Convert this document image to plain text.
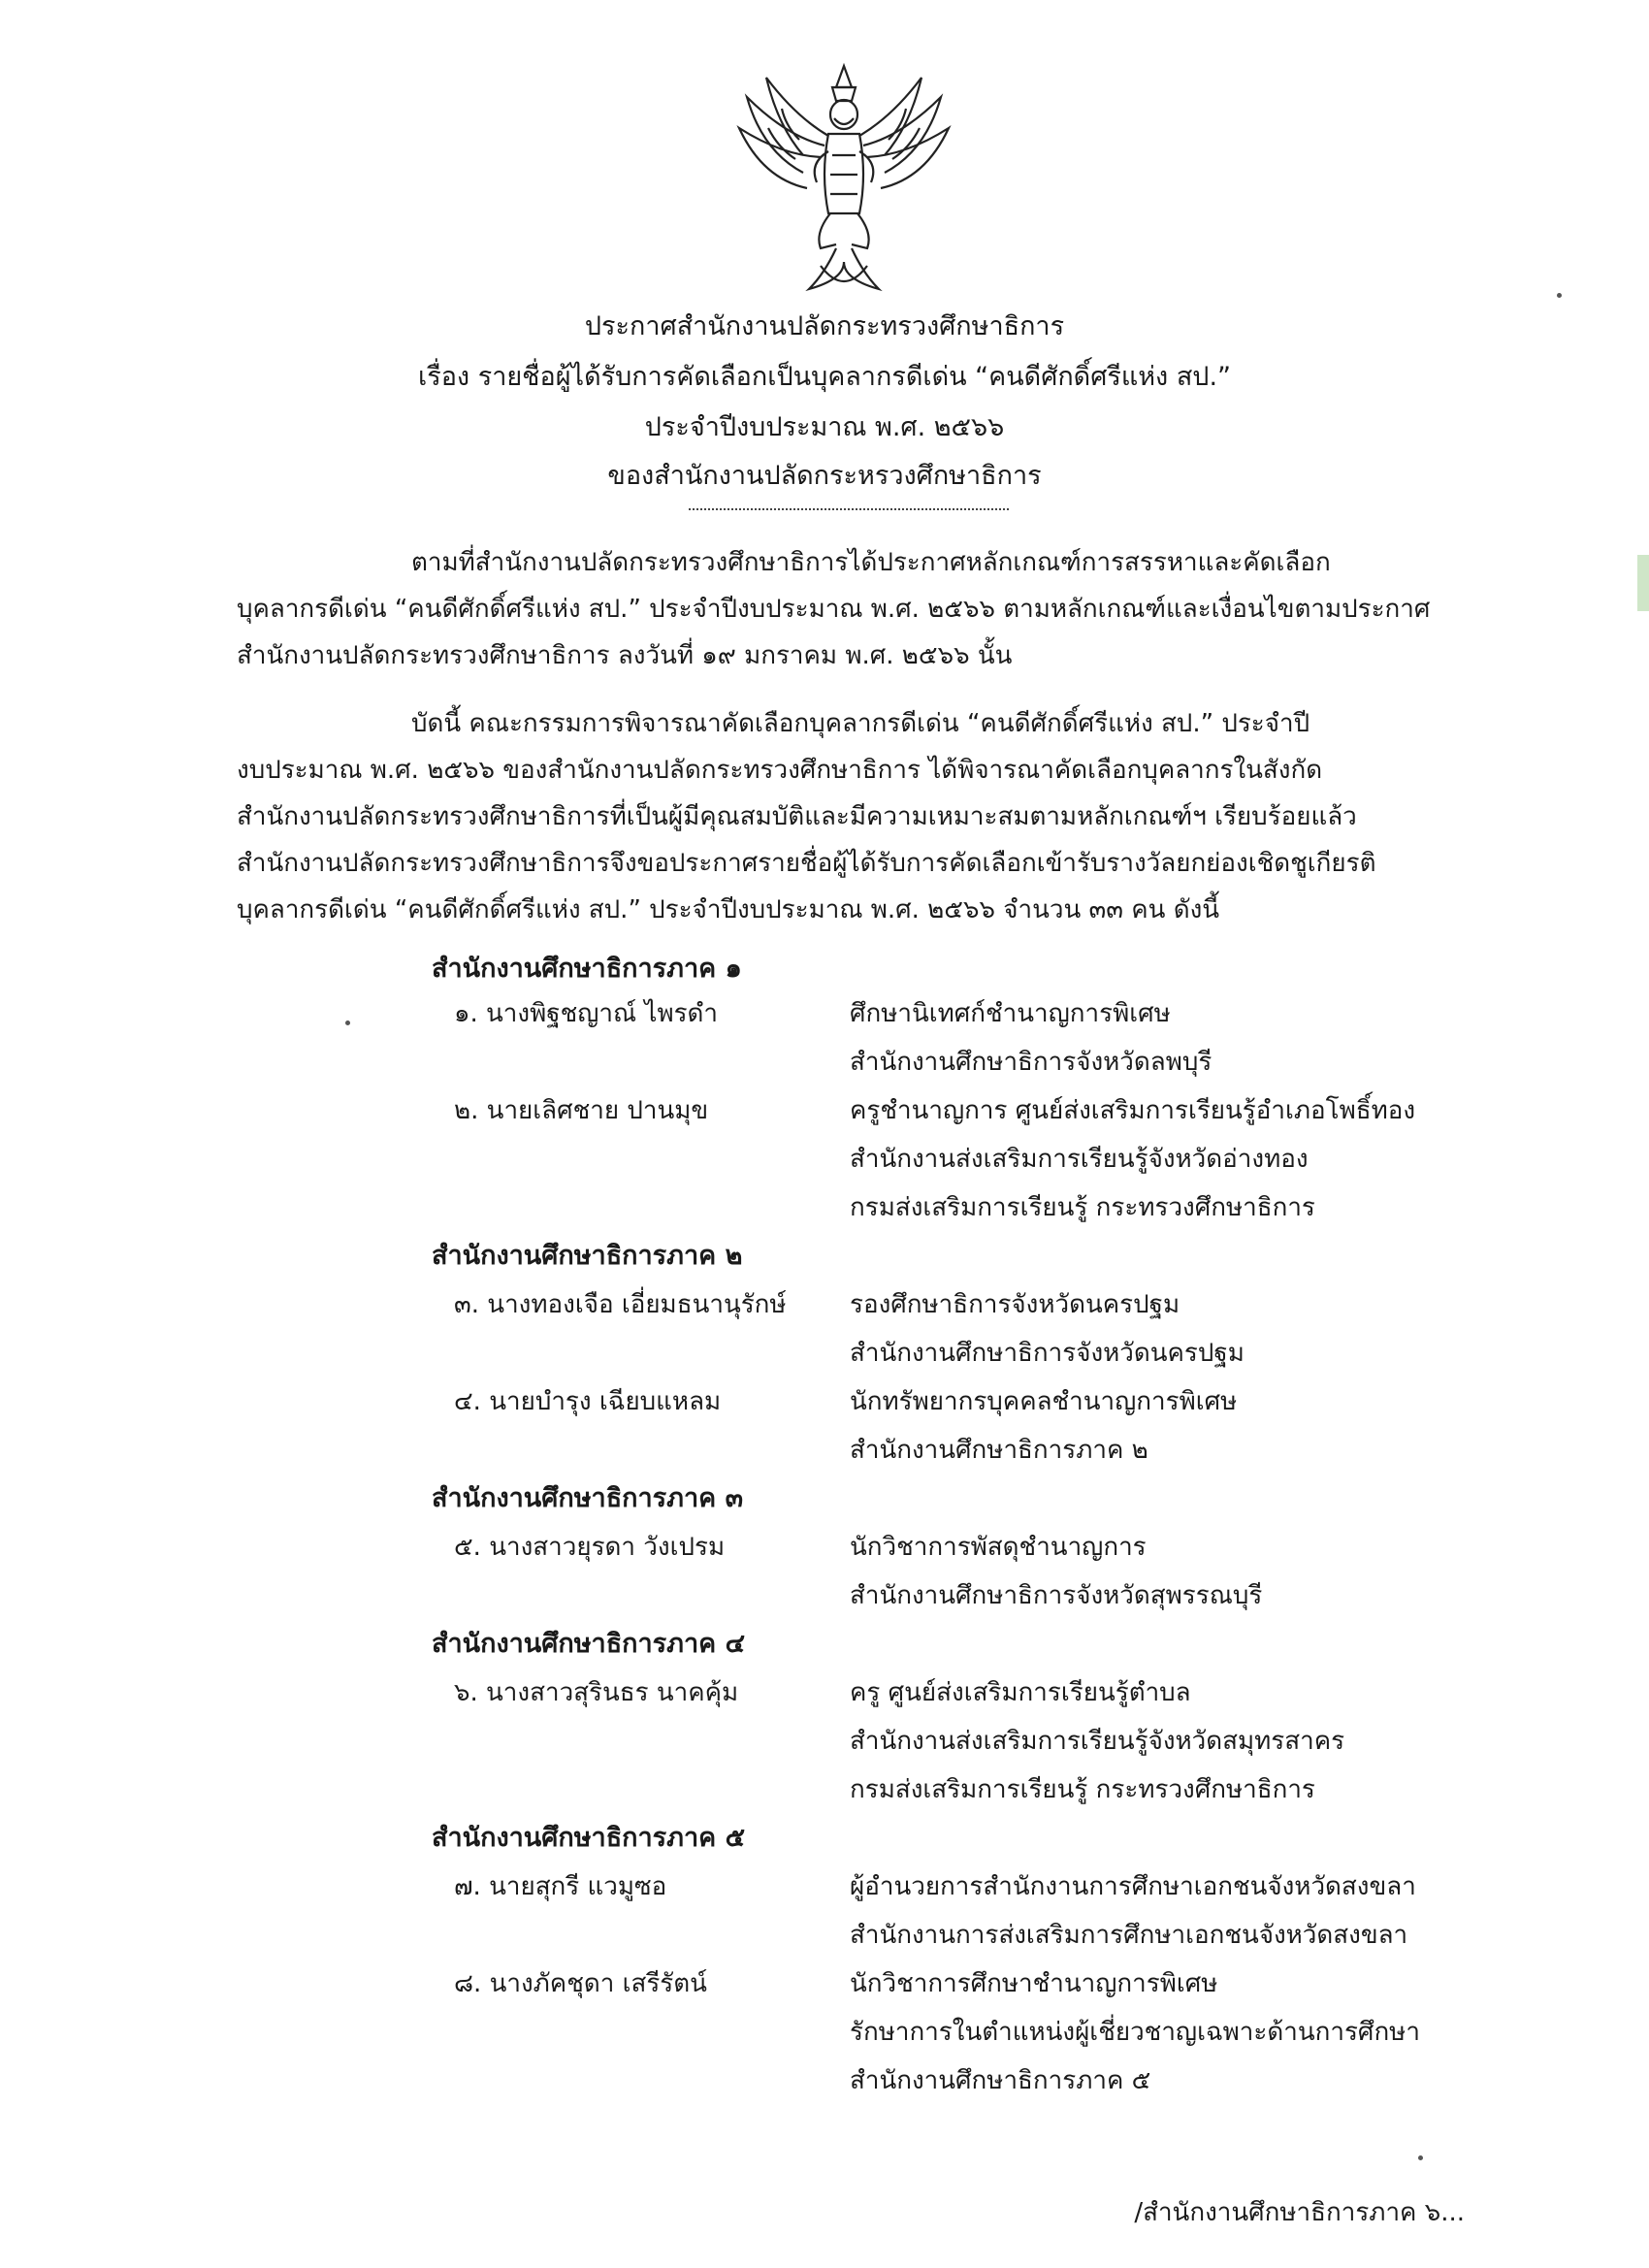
ประกาศสำนักงานปลัดกระทรวงศึกษาธิการ
เรื่อง รายชื่อผู้ได้รับการคัดเลือกเป็นบุคลากรดีเด่น “คนดีศักดิ์ศรีแห่ง สป.”
ประจำปีงบประมาณ พ.ศ. ๒๕๖๖
ของสำนักงานปลัดกระหรวงศึกษาธิการ
ตามที่สำนักงานปลัดกระทรวงศึกษาธิการได้ประกาศหลักเกณฑ์การสรรหาและคัดเลือก
บุคลากรดีเด่น “คนดีศักดิ์ศรีแห่ง สป.” ประจำปีงบประมาณ พ.ศ. ๒๕๖๖ ตามหลักเกณฑ์และเงื่อนไขตามประกาศ
สำนักงานปลัดกระทรวงศึกษาธิการ ลงวันที่ ๑๙ มกราคม พ.ศ. ๒๕๖๖ นั้น
บัดนี้ คณะกรรมการพิจารณาคัดเลือกบุคลากรดีเด่น “คนดีศักดิ์ศรีแห่ง สป.” ประจำปี
งบประมาณ พ.ศ. ๒๕๖๖ ของสำนักงานปลัดกระทรวงศึกษาธิการ ได้พิจารณาคัดเลือกบุคลากรในสังกัด
สำนักงานปลัดกระทรวงศึกษาธิการที่เป็นผู้มีคุณสมบัติและมีความเหมาะสมตามหลักเกณฑ์ฯ เรียบร้อยแล้ว
สำนักงานปลัดกระทรวงศึกษาธิการจึงขอประกาศรายชื่อผู้ได้รับการคัดเลือกเข้ารับรางวัลยกย่องเชิดชูเกียรติ
บุคลากรดีเด่น “คนดีศักดิ์ศรีแห่ง สป.” ประจำปีงบประมาณ พ.ศ. ๒๕๖๖ จำนวน ๓๓ คน ดังนี้
สำนักงานศึกษาธิการภาค ๑
๑. นางพิฐชญาณ์ ไพรดำ	ศึกษานิเทศก์ชำนาญการพิเศษ
สำนักงานศึกษาธิการจังหวัดลพบุรี
๒. นายเลิศชาย ปานมุข	ครูชำนาญการ ศูนย์ส่งเสริมการเรียนรู้อำเภอโพธิ์ทอง
สำนักงานส่งเสริมการเรียนรู้จังหวัดอ่างทอง
กรมส่งเสริมการเรียนรู้ กระทรวงศึกษาธิการ
สำนักงานศึกษาธิการภาค ๒
๓. นางทองเจือ เอี่ยมธนานุรักษ์	รองศึกษาธิการจังหวัดนครปฐม
สำนักงานศึกษาธิการจังหวัดนครปฐม
๔. นายบำรุง เฉียบแหลม	นักทรัพยากรบุคคลชำนาญการพิเศษ
สำนักงานศึกษาธิการภาค ๒
สำนักงานศึกษาธิการภาค ๓
๕. นางสาวยุรดา วังเปรม	นักวิชาการพัสดุชำนาญการ
สำนักงานศึกษาธิการจังหวัดสุพรรณบุรี
สำนักงานศึกษาธิการภาค ๔
๖. นางสาวสุรินธร นาคคุ้ม	ครู ศูนย์ส่งเสริมการเรียนรู้ตำบล
สำนักงานส่งเสริมการเรียนรู้จังหวัดสมุทรสาคร
กรมส่งเสริมการเรียนรู้ กระทรวงศึกษาธิการ
สำนักงานศึกษาธิการภาค ๕
๗. นายสุกรี แวมูซอ	ผู้อำนวยการสำนักงานการศึกษาเอกชนจังหวัดสงขลา
สำนักงานการส่งเสริมการศึกษาเอกชนจังหวัดสงขลา
๘. นางภัคชุดา เสรีรัตน์	นักวิชาการศึกษาชำนาญการพิเศษ
รักษาการในตำแหน่งผู้เชี่ยวชาญเฉพาะด้านการศึกษา
สำนักงานศึกษาธิการภาค ๕
/สำนักงานศึกษาธิการภาค ๖...
